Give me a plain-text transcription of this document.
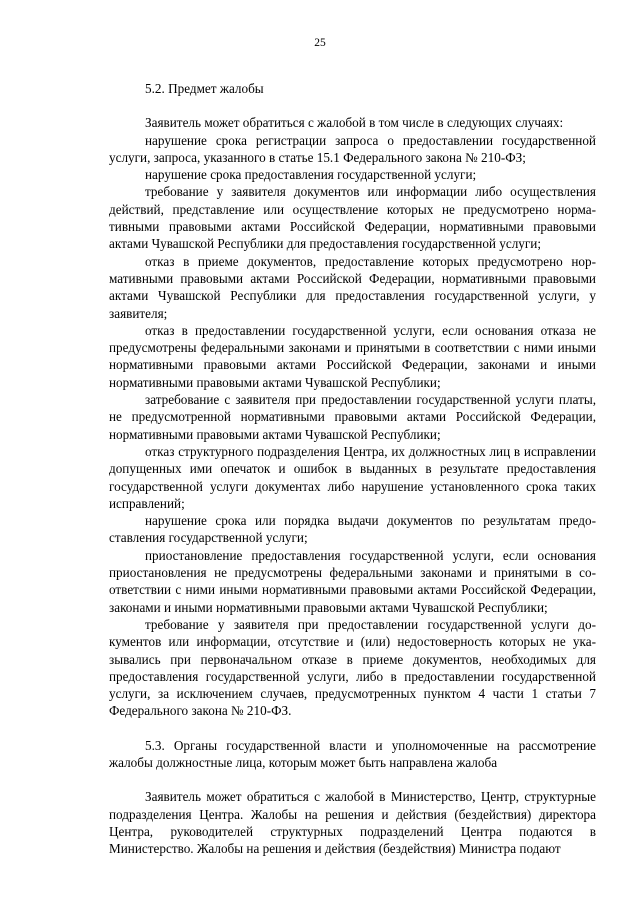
25
5.2. Предмет жалобы

Заявитель может обратиться с жалобой в том числе в следующих случаях:

нарушение срока регистрации запроса о предоставлении государственной услуги, запроса, указанного в статье 15.1 Федерального закона № 210-ФЗ;

нарушение срока предоставления государственной услуги;

требование у заявителя документов или информации либо осуществления действий, представление или осуществление которых не предусмотрено нормативными правовыми актами Российской Федерации, нормативными правовыми актами Чувашской Республики для предоставления государственной услуги;

отказ в приеме документов, предоставление которых предусмотрено нормативными правовыми актами Российской Федерации, нормативными правовыми актами Чувашской Республики для предоставления государственной услуги, у заявителя;

отказ в предоставлении государственной услуги, если основания отказа не предусмотрены федеральными законами и принятыми в соответствии с ними иными нормативными правовыми актами Российской Федерации, законами и иными нормативными правовыми актами Чувашской Республики;

затребование с заявителя при предоставлении государственной услуги платы, не предусмотренной нормативными правовыми актами Российской Федерации, нормативными правовыми актами Чувашской Республики;

отказ структурного подразделения Центра, их должностных лиц в исправлении допущенных ими опечаток и ошибок в выданных в результате предоставления государственной услуги документах либо нарушение установленного срока таких исправлений;

нарушение срока или порядка выдачи документов по результатам предоставления государственной услуги;

приостановление предоставления государственной услуги, если основания приостановления не предусмотрены федеральными законами и принятыми в соответствии с ними иными нормативными правовыми актами Российской Федерации, законами и иными нормативными правовыми актами Чувашской Республики;

требование у заявителя при предоставлении государственной услуги документов или информации, отсутствие и (или) недостоверность которых не указывались при первоначальном отказе в приеме документов, необходимых для предоставления государственной услуги, либо в предоставлении государственной услуги, за исключением случаев, предусмотренных пунктом 4 части 1 статьи 7 Федерального закона № 210-ФЗ.

5.3. Органы государственной власти и уполномоченные на рассмотрение жалобы должностные лица, которым может быть направлена жалоба

Заявитель может обратиться с жалобой в Министерство, Центр, структурные подразделения Центра. Жалобы на решения и действия (бездействия) директора Центра, руководителей структурных подразделений Центра подаются в Министерство. Жалобы на решения и действия (бездействия) Министра подают
